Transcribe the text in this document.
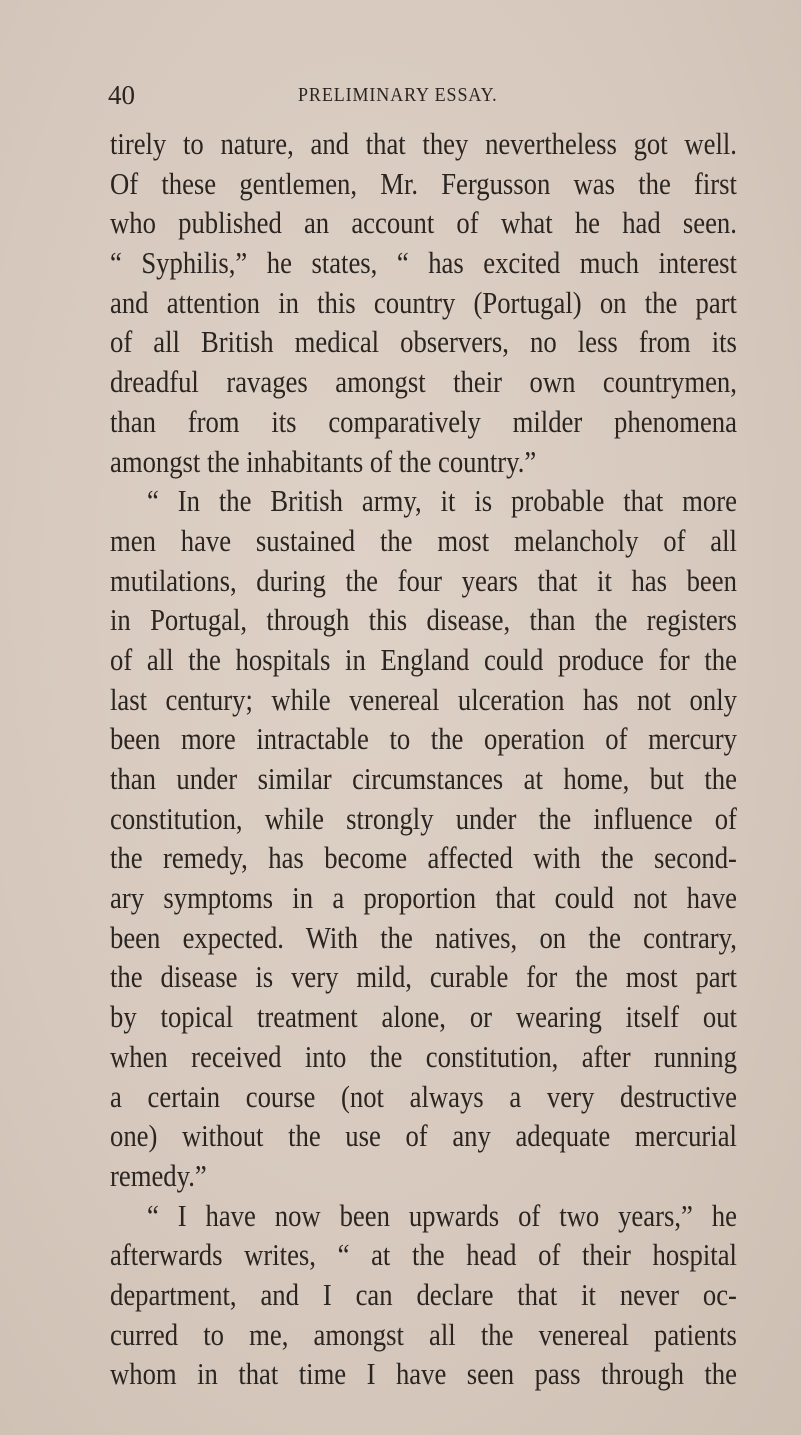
40	PRELIMINARY ESSAY.
tirely to nature, and that they nevertheless got well.
Of these gentlemen, Mr. Fergusson was the first
who published an account of what he had seen.
“ Syphilis,” he states, “ has excited much interest
and attention in this country (Portugal) on the part
of all British medical observers, no less from its
dreadful ravages amongst their own countrymen,
than from its comparatively milder phenomena
amongst the inhabitants of the country.”
“ In the British army, it is probable that more
men have sustained the most melancholy of all
mutilations, during the four years that it has been
in Portugal, through this disease, than the registers
of all the hospitals in England could produce for the
last century; while venereal ulceration has not only
been more intractable to the operation of mercury
than under similar circumstances at home, but the
constitution, while strongly under the influence of
the remedy, has become affected with the second-
ary symptoms in a proportion that could not have
been expected. With the natives, on the contrary,
the disease is very mild, curable for the most part
by topical treatment alone, or wearing itself out
when received into the constitution, after running
a certain course (not always a very destructive
one) without the use of any adequate mercurial
remedy.”
“ I have now been upwards of two years,” he
afterwards writes, “ at the head of their hospital
department, and I can declare that it never oc-
curred to me, amongst all the venereal patients
whom in that time I have seen pass through the
